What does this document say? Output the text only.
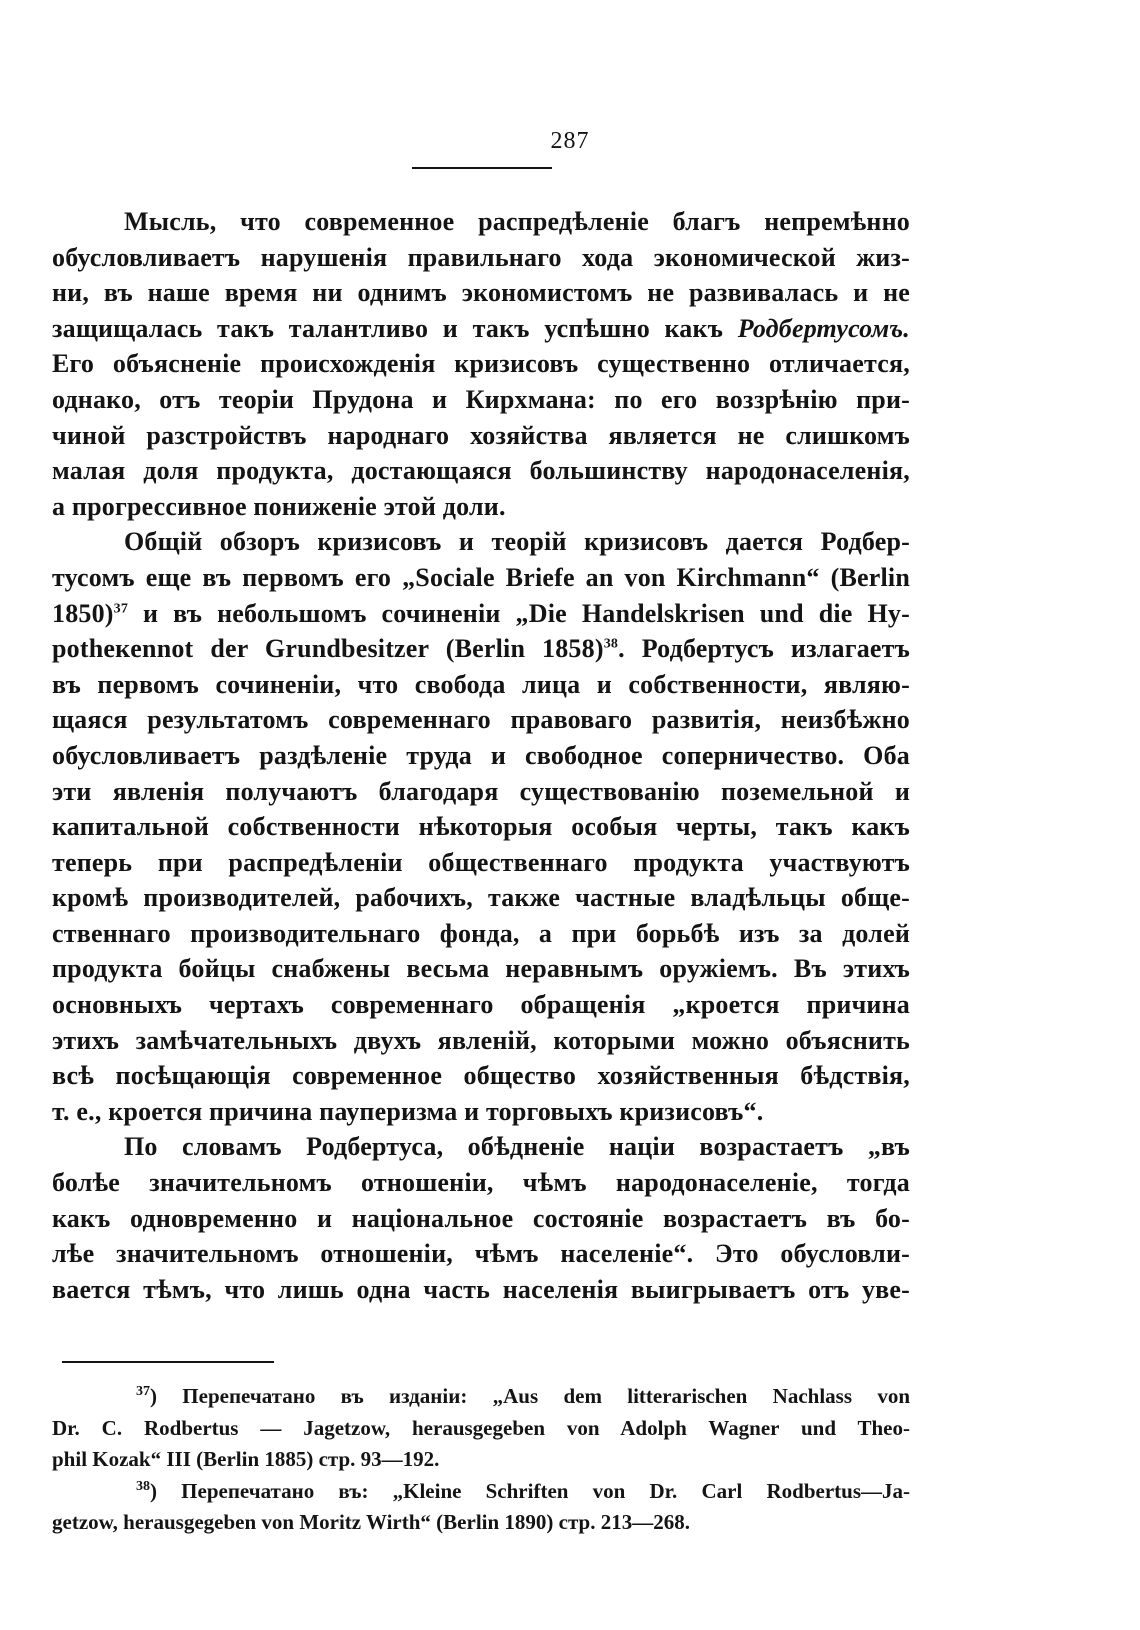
287
Мысль, что современное распредѣленіе благъ непремѣнно
обусловливаетъ нарушенія правильнаго хода экономической жиз-
ни, въ наше время ни однимъ экономистомъ не развивалась и не
защищалась такъ талантливо и такъ успѣшно какъ Родбертусомъ.
Его объясненіе происхожденія кризисовъ существенно отличается,
однако, отъ теоріи Прудона и Кирхмана: по его воззрѣнію при-
чиной разстройствъ народнаго хозяйства является не слишкомъ
малая доля продукта, достающаяся большинству народонаселенія,
а прогрессивное пониженіе этой доли.
Общій обзоръ кризисовъ и теорій кризисовъ дается Родбер-
тусомъ еще въ первомъ его „Sociale Briefe an von Kirchmann“ (Berlin
1850)$^{37}$ и въ небольшомъ сочиненіи „Die Handelskrisen und die Hy-
potheкennot der Grundbesitzer (Berlin 1858)$^{38}$. Родбертусъ излагаетъ
въ первомъ сочиненіи, что свобода лица и собственности, являю-
щаяся результатомъ современнаго правоваго развитія, неизбѣжно
обусловливаетъ раздѣленіе труда и свободное соперничество. Оба
эти явленія получаютъ благодаря существованію поземельной и
капитальной собственности нѣкоторыя особыя черты, такъ какъ
теперь при распредѣленіи общественнаго продукта участвуютъ
кромѣ производителей, рабочихъ, также частные владѣльцы обще-
ственнаго производительнаго фонда, а при борьбѣ изъ за долей
продукта бойцы снабжены весьма неравнымъ оружіемъ. Въ этихъ
основныхъ чертахъ современнаго обращенія „кроется причина
этихъ замѣчательныхъ двухъ явленій, которыми можно объяснить
всѣ посѣщающія современное общество хозяйственныя бѣдствія,
т. е., кроется причина пауперизма и торговыхъ кризисовъ“.
По словамъ Родбертуса, обѣдненіе націи возрастаетъ „въ
болѣе значительномъ отношеніи, чѣмъ народонаселеніе, тогда
какъ одновременно и національное состояніе возрастаетъ въ бо-
лѣе значительномъ отношеніи, чѣмъ населеніе“. Это обусловли-
вается тѣмъ, что лишь одна часть населенія выигрываетъ отъ уве-
$^{37}$) Перепечатано въ изданіи: „Aus dem litterarischen Nachlass von
Dr. C. Rodbertus — Jagetzow, herausgegeben von Adolph Wagner und Theo-
phil Kozak“ III (Berlin 1885) стр. 93—192.
$^{38}$) Перепечатано въ: „Kleine Schriften von Dr. Carl Rodbertus—Ja-
getzow, herausgegeben von Moritz Wirth“ (Berlin 1890) стр. 213—268.
